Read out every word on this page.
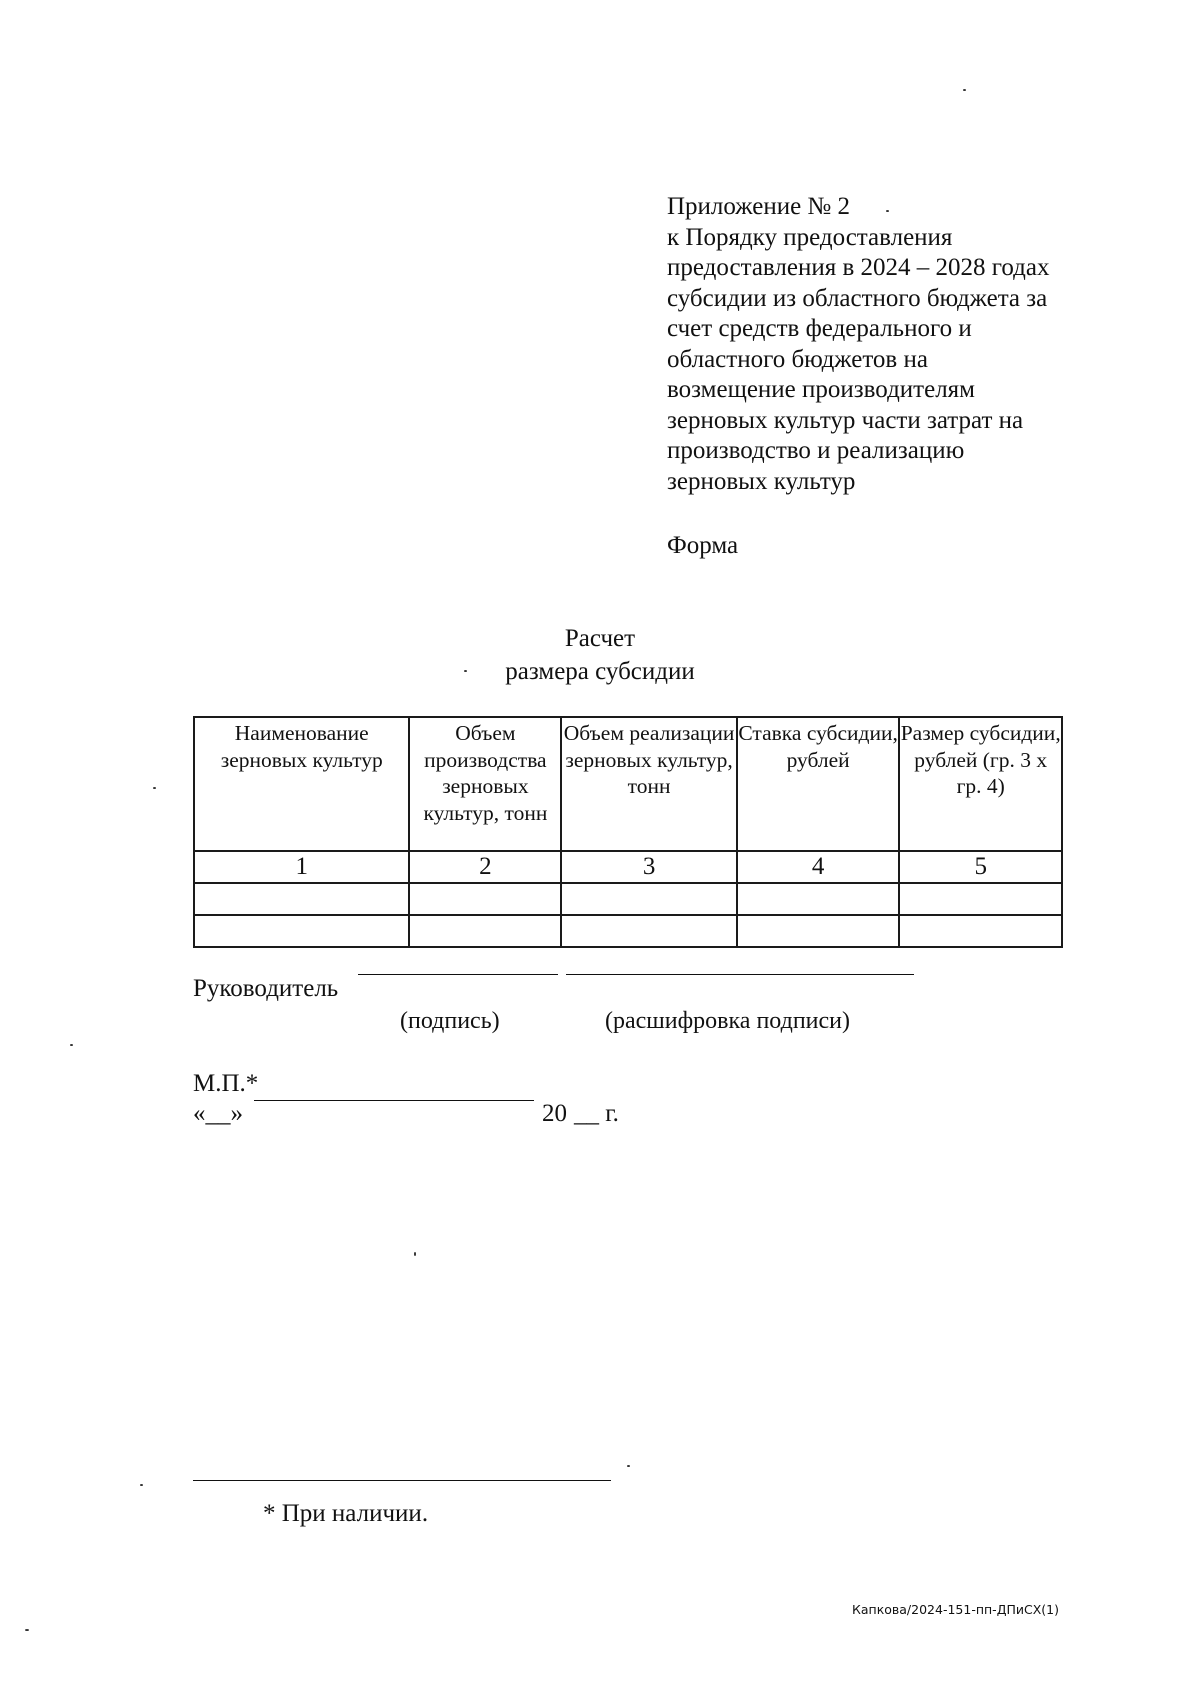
Приложение № 2
к Порядку предоставления
предоставления в 2024 – 2028 годах
субсидии из областного бюджета за
счет средств федерального и
областного бюджетов на
возмещение производителям
зерновых культур части затрат на
производство и реализацию
зерновых культур
Форма
Расчет
размера субсидии
Наименование зерновых культур	Объем производства зерновых культур, тонн	Объем реализации зерновых культур, тонн	Ставка субсидии, рублей	Размер субсидии, рублей (гр. 3 х гр. 4)
1	2	3	4	5

Руководитель
(подпись)	(расшифровка подписи)
М.П.*
«__»	20 __ г.
* При наличии.
Капкова/2024-151-пп-ДПиСХ(1)
